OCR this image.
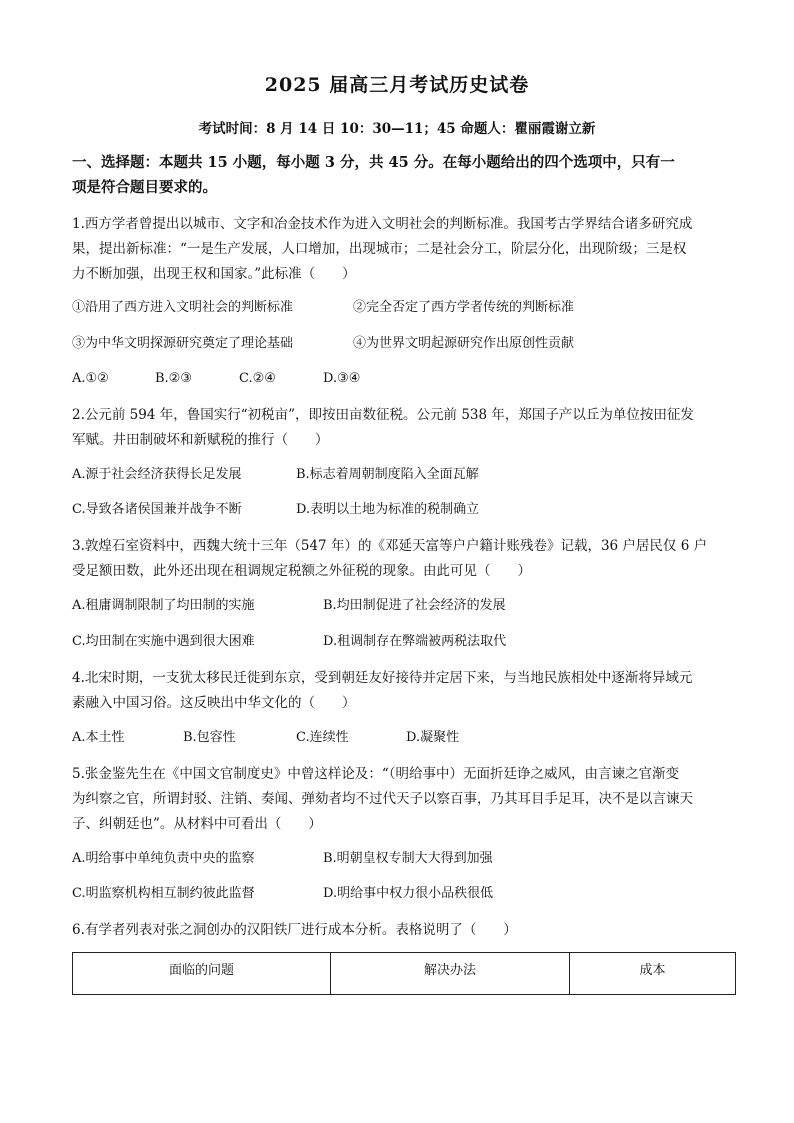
2025 届高三月考试历史试卷
考试时间：8 月 14 日 10：30—11；45 命题人：瞿丽霞谢立新
一、选择题：本题共 15 小题，每小题 3 分，共 45 分。在每小题给出的四个选项中，只有一
项是符合题目要求的。
1.西方学者曾提出以城市、文字和冶金技术作为进入文明社会的判断标准。我国考古学界结合诸多研究成
果，提出新标准：“一是生产发展，人口增加，出现城市；二是社会分工，阶层分化，出现阶级；三是权
力不断加强，出现王权和国家。”此标准（　　）
①沿用了西方进入文明社会的判断标准	②完全否定了西方学者传统的判断标准
③为中华文明探源研究奠定了理论基础	④为世界文明起源研究作出原创性贡献
A.①②	B.②③	C.②④	D.③④
2.公元前 594 年，鲁国实行“初税亩”，即按田亩数征税。公元前 538 年，郑国子产以丘为单位按田征发
军赋。井田制破坏和新赋税的推行（　　）
A.源于社会经济获得长足发展	B.标志着周朝制度陷入全面瓦解
C.导致各诸侯国兼并战争不断	D.表明以土地为标准的税制确立
3.敦煌石室资料中，西魏大统十三年（547 年）的《邓延天富等户户籍计账残卷》记载，36 户居民仅 6 户
受足额田数，此外还出现在租调规定税额之外征税的现象。由此可见（　　）
A.租庸调制限制了均田制的实施	B.均田制促进了社会经济的发展
C.均田制在实施中遇到很大困难	D.租调制存在弊端被两税法取代
4.北宋时期，一支犹太移民迁徙到东京，受到朝廷友好接待并定居下来，与当地民族相处中逐渐将异域元
素融入中国习俗。这反映出中华文化的（　　）
A.本土性	B.包容性	C.连续性	D.凝聚性
5.张金鉴先生在《中国文官制度史》中曾这样论及：“（明给事中）无面折廷诤之威风，由言谏之官渐变
为纠察之官，所谓封驳、注销、奏闻、弹劾者均不过代天子以察百事，乃其耳目手足耳，决不是以言谏天
子、纠朝廷也”。从材料中可看出（　　）
A.明给事中单纯负责中央的监察	B.明朝皇权专制大大得到加强
C.明监察机构相互制约彼此监督	D.明给事中权力很小品秩很低
6.有学者列表对张之洞创办的汉阳铁厂进行成本分析。表格说明了（　　）
面临的问题	解决办法	成本
